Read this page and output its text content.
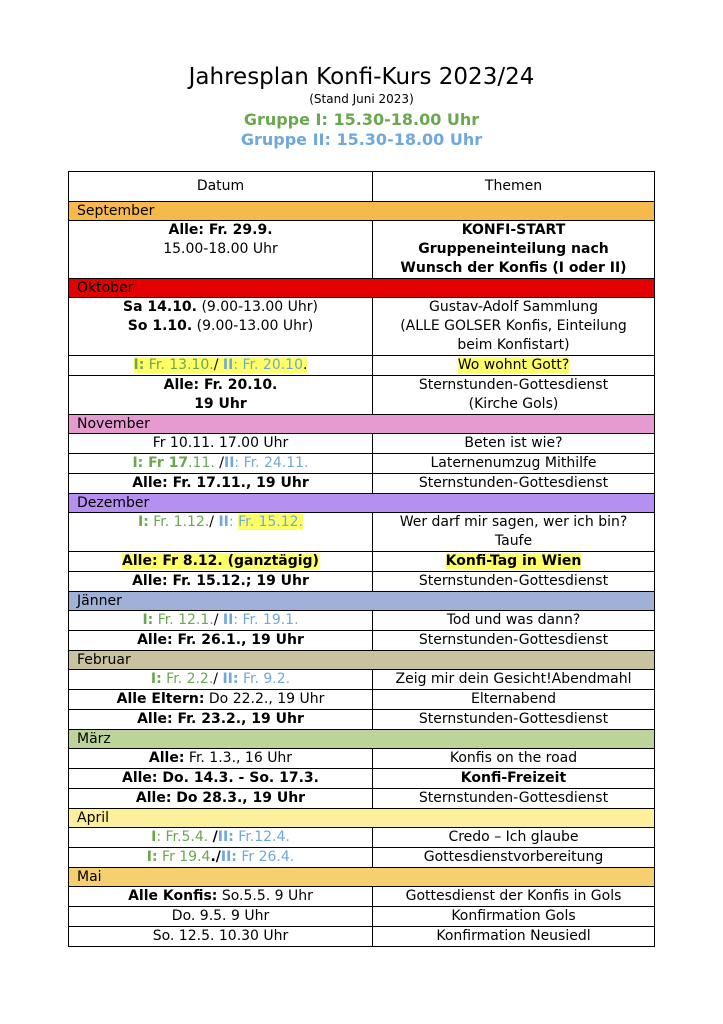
Jahresplan Konfi-Kurs 2023/24
(Stand Juni 2023)
Gruppe I: 15.30-18.00 Uhr
Gruppe II: 15.30-18.00 Uhr
Datum	Themen
September	
Alle: Fr. 29.9.
15.00-18.00 Uhr	KONFI-START
Gruppeneinteilung nach
Wunsch der Konfis (I oder II)
Oktober	
Sa 14.10. (9.00-13.00 Uhr)
So 1.10. (9.00-13.00 Uhr)	Gustav-Adolf Sammlung
(ALLE GOLSER Konfis, Einteilung
beim Konfistart)
I: Fr. 13.10./ II: Fr. 20.10.	Wo wohnt Gott?
Alle: Fr. 20.10.
19 Uhr	Sternstunden-Gottesdienst
(Kirche Gols)
November	
Fr 10.11. 17.00 Uhr	Beten ist wie?
I: Fr 17.11. /II: Fr. 24.11.	Laternenumzug Mithilfe
Alle: Fr. 17.11., 19 Uhr	Sternstunden-Gottesdienst
Dezember	
I: Fr. 1.12./ II: Fr. 15.12.	Wer darf mir sagen, wer ich bin?
Taufe
Alle: Fr 8.12. (ganztägig)	Konfi-Tag in Wien
Alle: Fr. 15.12.; 19 Uhr	Sternstunden-Gottesdienst
Jänner	
I: Fr. 12.1./ II: Fr. 19.1.	Tod und was dann?
Alle: Fr. 26.1., 19 Uhr	Sternstunden-Gottesdienst
Februar	
I: Fr. 2.2./ II: Fr. 9.2.	Zeig mir dein Gesicht!Abendmahl
Alle Eltern: Do 22.2., 19 Uhr	Elternabend
Alle: Fr. 23.2., 19 Uhr	Sternstunden-Gottesdienst
März	
Alle: Fr. 1.3., 16 Uhr	Konfis on the road
Alle: Do. 14.3. - So. 17.3.	Konfi-Freizeit
Alle: Do 28.3., 19 Uhr	Sternstunden-Gottesdienst
April	
I: Fr.5.4. /II: Fr.12.4.	Credo – Ich glaube
I: Fr 19.4./II: Fr 26.4.	Gottesdienstvorbereitung
Mai	
Alle Konfis: So.5.5. 9 Uhr	Gottesdienst der Konfis in Gols
Do. 9.5. 9 Uhr	Konfirmation Gols
So. 12.5. 10.30 Uhr	Konfirmation Neusiedl
